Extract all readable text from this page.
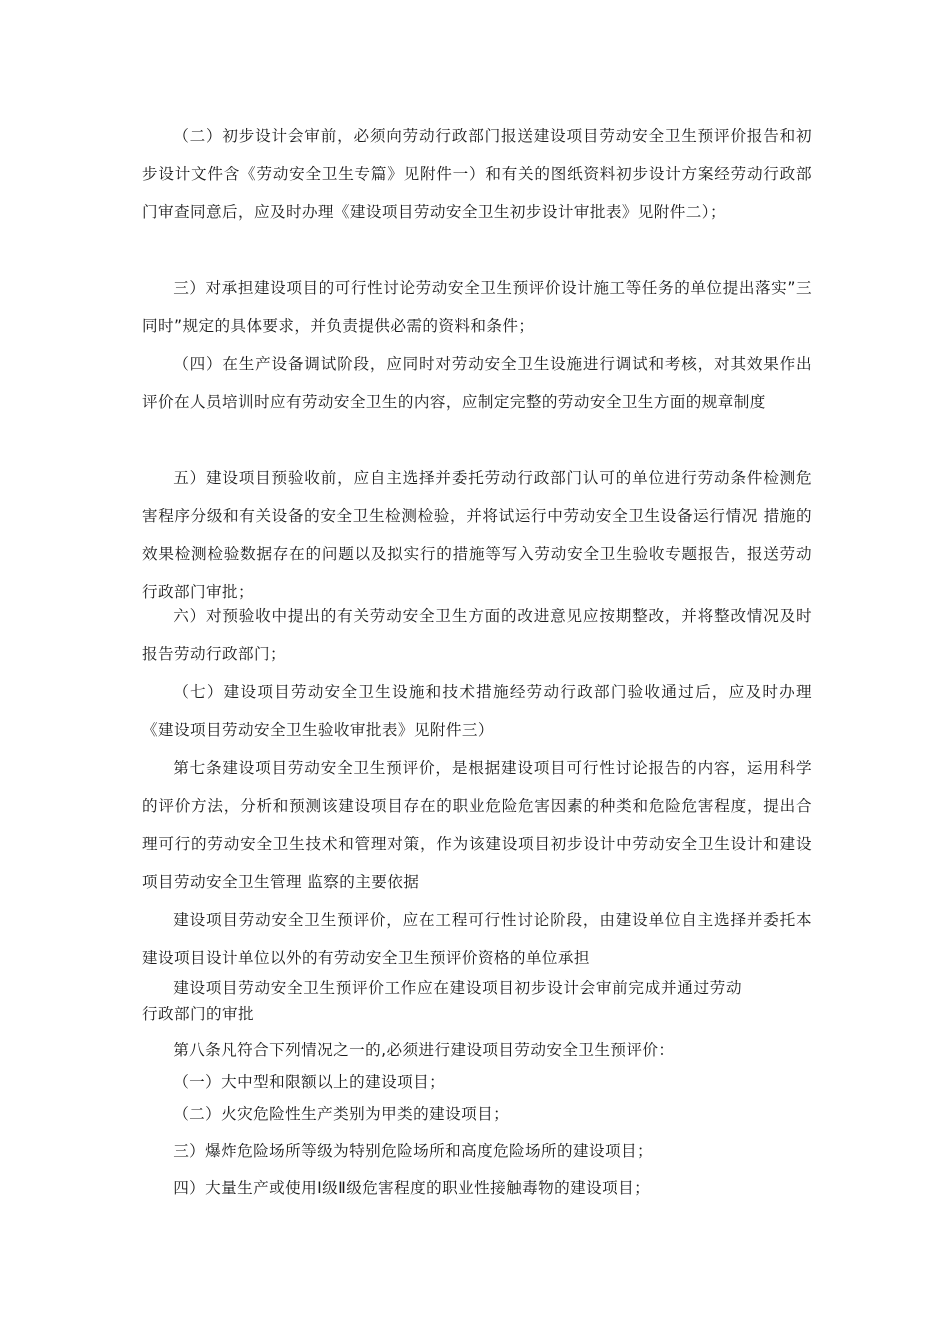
（二）初步设计会审前，必须向劳动行政部门报送建设项目劳动安全卫生预评价报告和初步设计文件含《劳动安全卫生专篇》见附件一）和有关的图纸资料初步设计方案经劳动行政部门审查同意后，应及时办理《建设项目劳动安全卫生初步设计审批表》见附件二）；

三）对承担建设项目的可行性讨论劳动安全卫生预评价设计施工等任务的单位提出落实”三同时”规定的具体要求，并负责提供必需的资料和条件；

（四）在生产设备调试阶段，应同时对劳动安全卫生设施进行调试和考核，对其效果作出评价在人员培训时应有劳动安全卫生的内容，应制定完整的劳动安全卫生方面的规章制度

五）建设项目预验收前，应自主选择并委托劳动行政部门认可的单位进行劳动条件检测危害程序分级和有关设备的安全卫生检测检验，并将试运行中劳动安全卫生设备运行情况 措施的效果检测检验数据存在的问题以及拟实行的措施等写入劳动安全卫生验收专题报告，报送劳动行政部门审批；

六）对预验收中提出的有关劳动安全卫生方面的改进意见应按期整改，并将整改情况及时报告劳动行政部门；

（七）建设项目劳动安全卫生设施和技术措施经劳动行政部门验收通过后，应及时办理《建设项目劳动安全卫生验收审批表》见附件三）

第七条建设项目劳动安全卫生预评价，是根据建设项目可行性讨论报告的内容，运用科学的评价方法，分析和预测该建设项目存在的职业危险危害因素的种类和危险危害程度，提出合理可行的劳动安全卫生技术和管理对策，作为该建设项目初步设计中劳动安全卫生设计和建设项目劳动安全卫生管理 监察的主要依据

建设项目劳动安全卫生预评价，应在工程可行性讨论阶段，由建设单位自主选择并委托本建设项目设计单位以外的有劳动安全卫生预评价资格的单位承担

建设项目劳动安全卫生预评价工作应在建设项目初步设计会审前完成并通过劳动行政部门的审批

第八条凡符合下列情况之一的,必须进行建设项目劳动安全卫生预评价：

（一）大中型和限额以上的建设项目；

（二）火灾危险性生产类别为甲类的建设项目；

三）爆炸危险场所等级为特别危险场所和高度危险场所的建设项目；

四）大量生产或使用Ⅰ级Ⅱ级危害程度的职业性接触毒物的建设项目；
